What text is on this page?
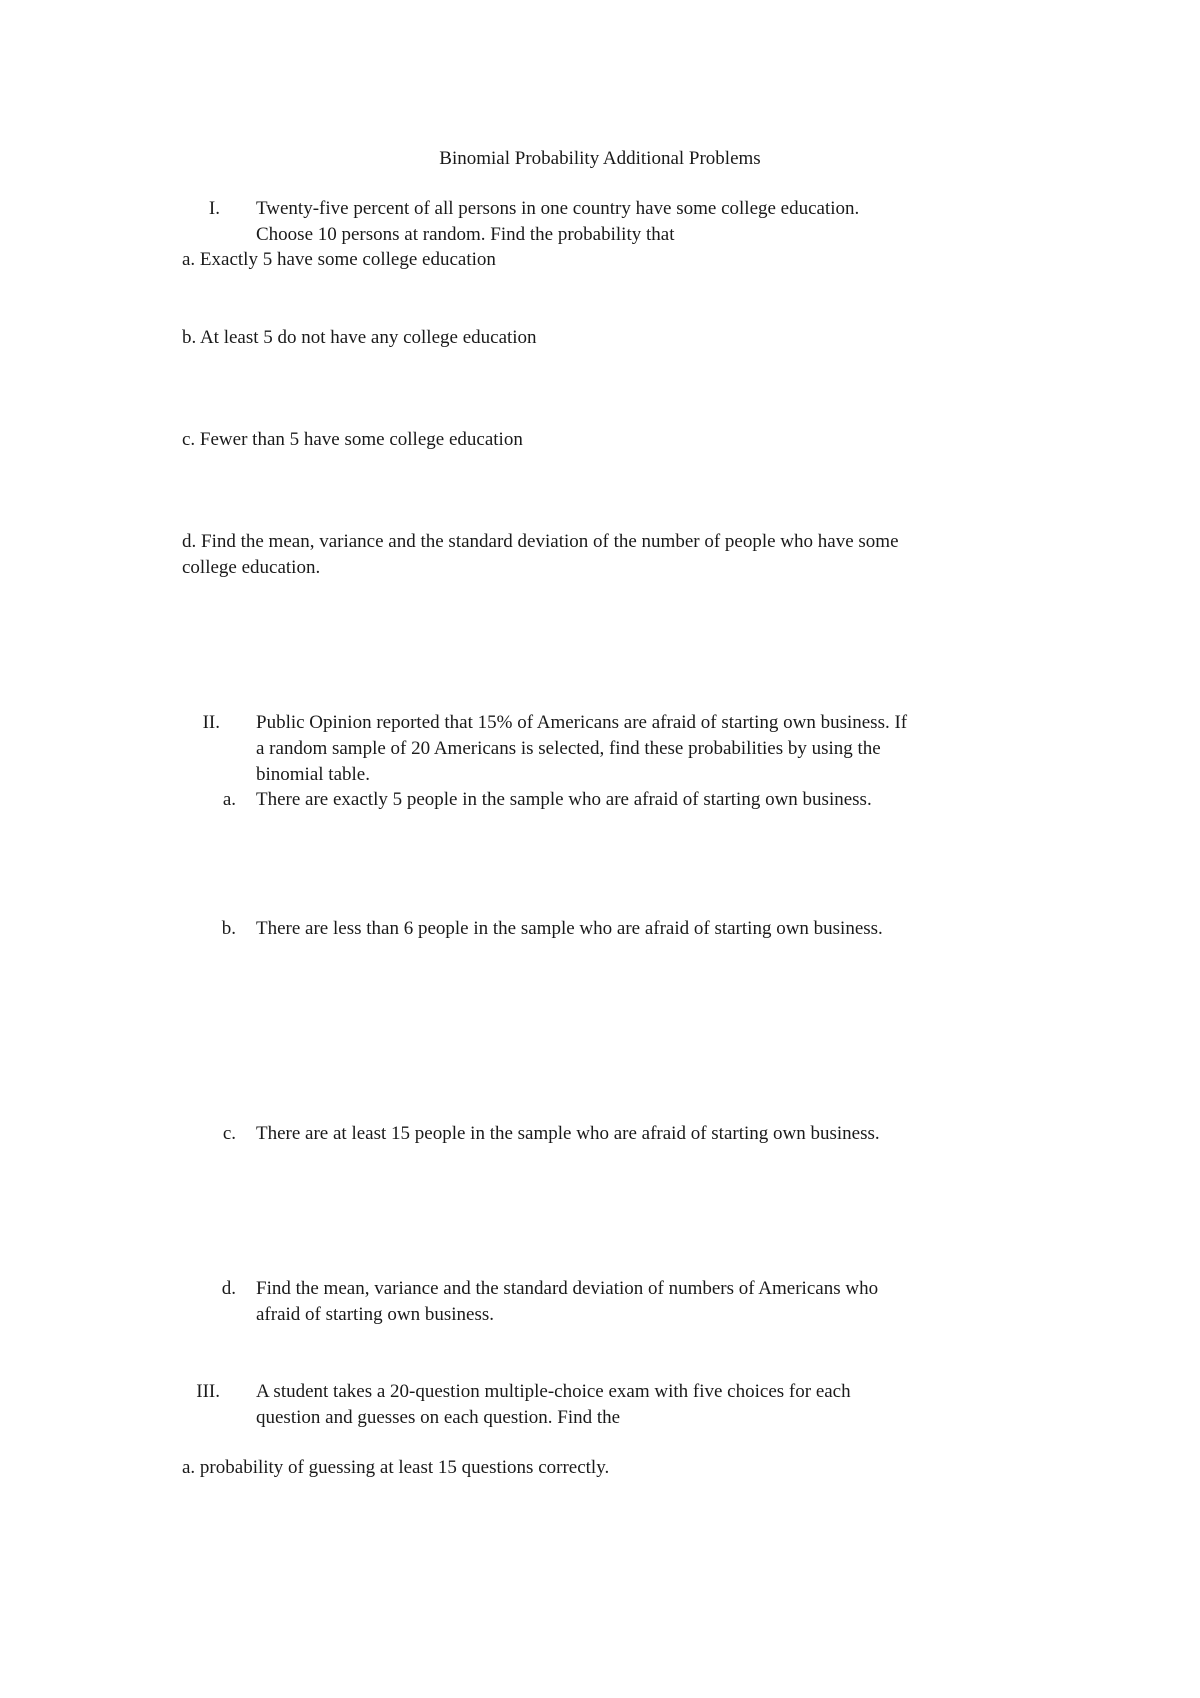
Binomial Probability Additional Problems
I. Twenty-five percent of all persons in one country have some college education.
Choose 10 persons at random. Find the probability that
a. Exactly 5 have some college education
b. At least 5 do not have any college education
c. Fewer than 5 have some college education
d. Find the mean, variance and the standard deviation of the number of people who have some
college education.
II. Public Opinion reported that 15% of Americans are afraid of starting own business. If
a random sample of 20 Americans is selected, find these probabilities by using the
binomial table.
a. There are exactly 5 people in the sample who are afraid of starting own business.
b. There are less than 6 people in the sample who are afraid of starting own business.
c. There are at least 15 people in the sample who are afraid of starting own business.
d. Find the mean, variance and the standard deviation of numbers of Americans who
afraid of starting own business.
III. A student takes a 20-question multiple-choice exam with five choices for each
question and guesses on each question. Find the
a. probability of guessing at least 15 questions correctly.
